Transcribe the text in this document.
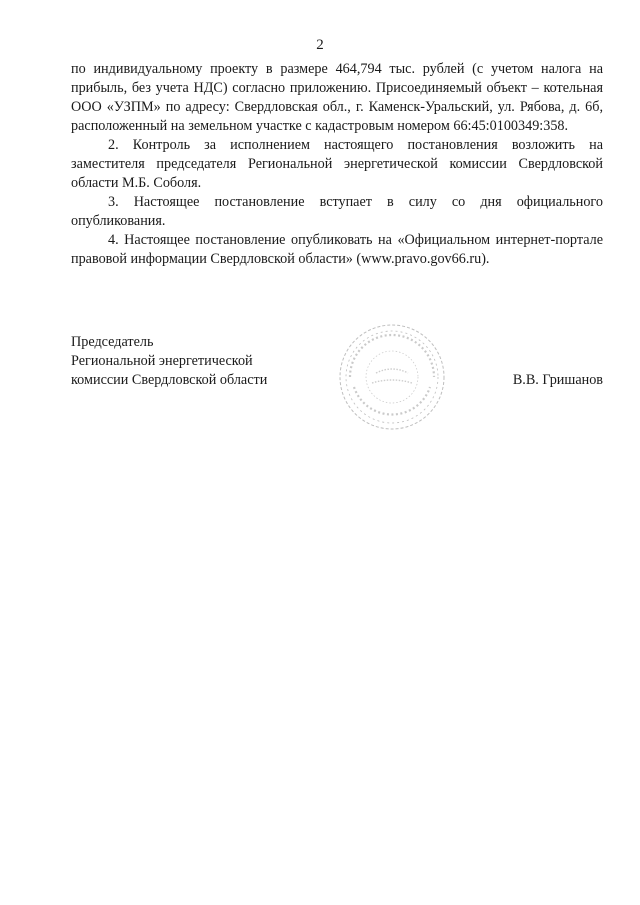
2

по индивидуальному проекту в размере 464,794 тыс. рублей (с учетом налога на прибыль, без учета НДС) согласно приложению. Присоединяемый объект – котельная ООО «УЗПМ» по адресу: Свердловская обл., г. Каменск-Уральский, ул. Рябова, д. 6б, расположенный на земельном участке с кадастровым номером 66:45:0100349:358.

2. Контроль за исполнением настоящего постановления возложить на заместителя председателя Региональной энергетической комиссии Свердловской области М.Б. Соболя.

3. Настоящее постановление вступает в силу со дня официального опубликования.

4. Настоящее постановление опубликовать на «Официальном интернет-портале правовой информации Свердловской области» (www.pravo.gov66.ru).

Председатель
Региональной энергетической
комиссии Свердловской области	В.В. Гришанов
